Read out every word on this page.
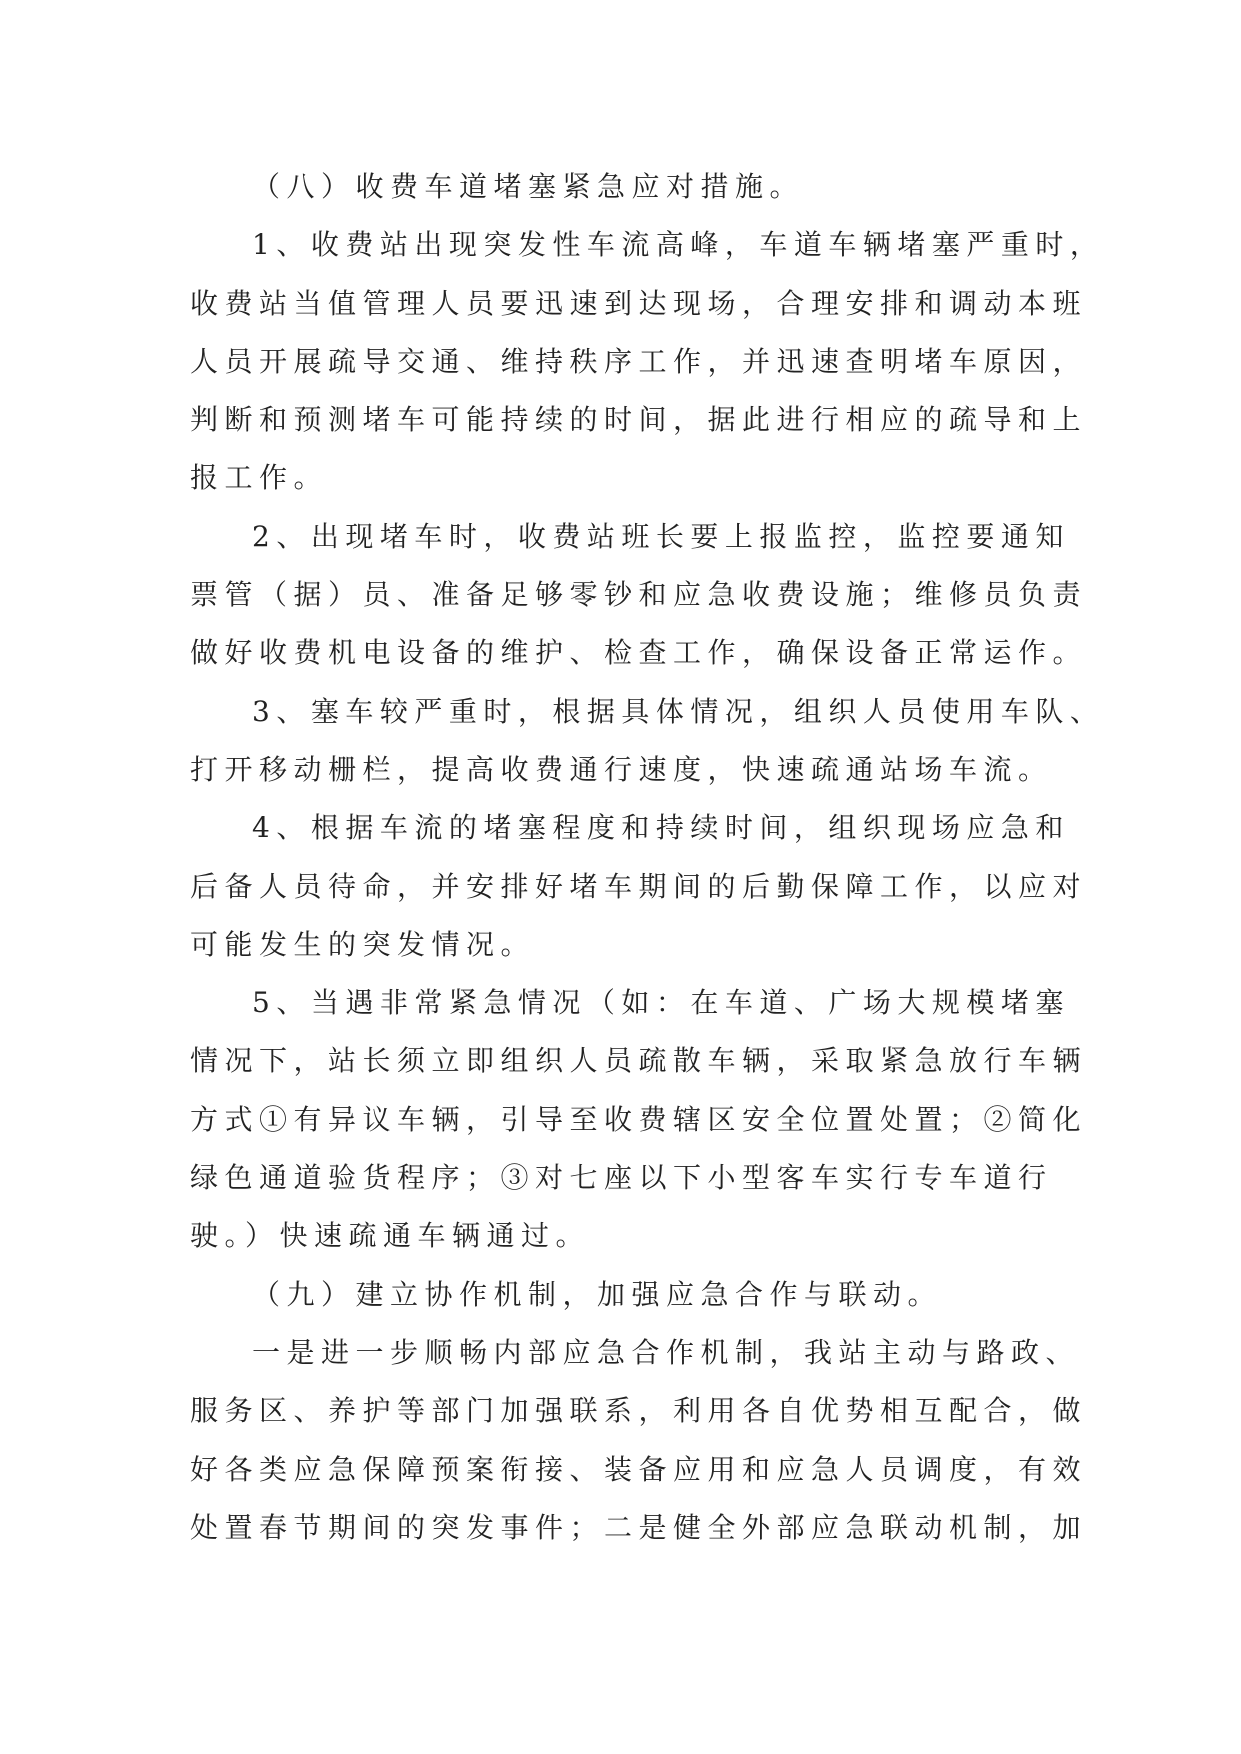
（八）收费车道堵塞紧急应对措施。
1、收费站出现突发性车流高峰，车道车辆堵塞严重时，
收费站当值管理人员要迅速到达现场，合理安排和调动本班
人员开展疏导交通、维持秩序工作，并迅速查明堵车原因，
判断和预测堵车可能持续的时间，据此进行相应的疏导和上
报工作。
2、出现堵车时，收费站班长要上报监控，监控要通知
票管（据）员、准备足够零钞和应急收费设施；维修员负责
做好收费机电设备的维护、检查工作，确保设备正常运作。
3、塞车较严重时，根据具体情况，组织人员使用车队、
打开移动栅栏，提高收费通行速度，快速疏通站场车流。
4、根据车流的堵塞程度和持续时间，组织现场应急和
后备人员待命，并安排好堵车期间的后勤保障工作，以应对
可能发生的突发情况。
5、当遇非常紧急情况（如：在车道、广场大规模堵塞
情况下，站长须立即组织人员疏散车辆，采取紧急放行车辆
方式①有异议车辆，引导至收费辖区安全位置处置；②简化
绿色通道验货程序；③对七座以下小型客车实行专车道行
驶。）快速疏通车辆通过。
（九）建立协作机制，加强应急合作与联动。
一是进一步顺畅内部应急合作机制，我站主动与路政、
服务区、养护等部门加强联系，利用各自优势相互配合，做
好各类应急保障预案衔接、装备应用和应急人员调度，有效
处置春节期间的突发事件；二是健全外部应急联动机制，加
